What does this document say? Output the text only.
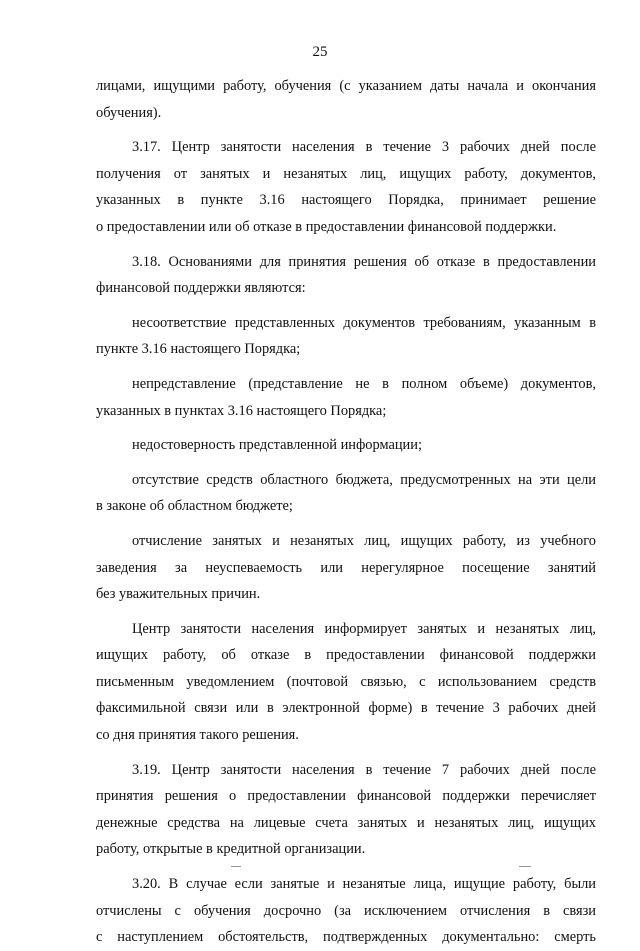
25
лицами, ищущими работу, обучения (с указанием даты начала и окончания
обучения).
3.17. Центр занятости населения в течение 3 рабочих дней после
получения от занятых и незанятых лиц, ищущих работу, документов,
указанных в пункте 3.16 настоящего Порядка, принимает решение
о предоставлении или об отказе в предоставлении финансовой поддержки.
3.18. Основаниями для принятия решения об отказе в предоставлении
финансовой поддержки являются:
несоответствие представленных документов требованиям, указанным в
пункте 3.16 настоящего Порядка;
непредставление (представление не в полном объеме) документов,
указанных в пунктах 3.16 настоящего Порядка;
недостоверность представленной информации;
отсутствие средств областного бюджета, предусмотренных на эти цели
в законе об областном бюджете;
отчисление занятых и незанятых лиц, ищущих работу, из учебного
заведения за неуспеваемость или нерегулярное посещение занятий
без уважительных причин.
Центр занятости населения информирует занятых и незанятых лиц,
ищущих работу, об отказе в предоставлении финансовой поддержки
письменным уведомлением (почтовой связью, с использованием средств
факсимильной связи или в электронной форме) в течение 3 рабочих дней
со дня принятия такого решения.
3.19. Центр занятости населения в течение 7 рабочих дней после
принятия решения о предоставлении финансовой поддержки перечисляет
денежные средства на лицевые счета занятых и незанятых лиц, ищущих
работу, открытые в кредитной организации.
3.20. В случае если занятые и незанятые лица, ищущие работу, были
отчислены с обучения досрочно (за исключением отчисления в связи
с наступлением обстоятельств, подтвержденных документально: смерть
